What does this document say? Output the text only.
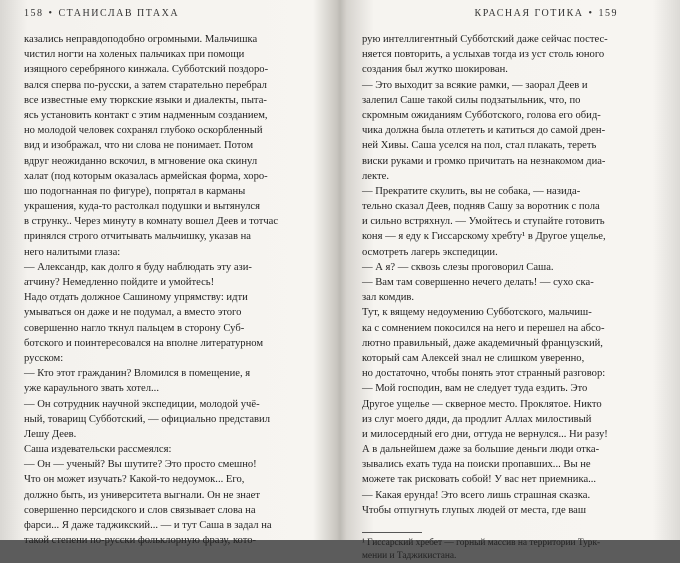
158 • СТАНИСЛАВ ПТАХА
казались неправдоподобно огромными. Мальчишка
чистил ногти на холеных пальчиках при помощи
изящного серебряного кинжала. Субботский поздоро-
вался сперва по-русски, а затем старательно перебрал
все известные ему тюркские языки и диалекты, пыта-
ясь установить контакт с этим надменным созданием,
но молодой человек сохранял глубоко оскорбленный
вид и изображал, что ни слова не понимает. Потом
вдруг неожиданно вскочил, в мгновение ока скинул
халат (под которым оказалась армейская форма, хоро-
шо подогнанная по фигуре), попрятал в карманы
украшения, куда-то растолкал подушки и вытянулся
в струнку.. Через минуту в комнату вошел Деев и тотчас
принялся строго отчитывать мальчишку, указав на
него налитыми глаза:
— Александр, как долго я буду наблюдать эту ази-
атчину? Немедленно пойдите и умойтесь!
Надо отдать должное Сашиному упрямству: идти
умываться он даже и не подумал, а вместо этого
совершенно нагло ткнул пальцем в сторону Суб-
ботского и поинтересовался на вполне литературном
русском:
— Кто этот гражданин? Вломился в помещение, я
уже караульного звать хотел...
— Он сотрудник научной экспедиции, молодой учё-
ный, товарищ Субботский, — официально представил
Лешу Деев.
Саша издевательски рассмеялся:
— Он — ученый? Вы шутите? Это просто смешно!
Что он может изучать? Какой-то недоумок... Его,
должно быть, из университета выгнали. Он не знает
совершенно персидского и слов связывает слова на
фарси... Я даже таджикский... — и тут Саша в задал на
такой степени по-русски фольклорную фразу, кото-
КРАСНАЯ ГОТИКА • 159
рую интеллигентный Субботский даже сейчас постес-
няется повторить, а услыхав тогда из уст столь юного
создания был жутко шокирован.
— Это выходит за всякие рамки, — заорал Деев и
залепил Саше такой силы подзатыльник, что, по
скромным ожиданиям Субботского, голова его обид-
чика должна была отлететь и катиться до самой дрен-
ней Хивы. Саша уселся на пол, стал плакать, тереть
виски руками и громко причитать на незнакомом диа-
лекте.
— Прекратите скулить, вы не собака, — назида-
тельно сказал Деев, подняв Сашу за воротник с пола
и сильно встряхнул. — Умойтесь и ступайте готовить
коня — я еду к Гиссарскому хребту¹ в Другое ущелье,
осмотреть лагерь экспедиции.
— А я? — сквозь слезы проговорил Саша.
— Вам там совершенно нечего делать! — сухо ска-
зал комдив.
Тут, к вящему недоумению Субботского, мальчиш-
ка с сомнением покосился на него и перешел на абсо-
лютно правильный, даже академичный французский,
который сам Алексей знал не слишком уверенно,
но достаточно, чтобы понять этот странный разговор:
— Мой господин, вам не следует туда ездить. Это
Другое ущелье — скверное место. Проклятое. Никто
из слуг моего дяди, да продлит Аллах милостивый
и милосердный его дни, оттуда не вернулся... Ни разу!
А в дальнейшем даже за большие деньги люди отка-
зывались ехать туда на поиски пропавших... Вы не
можете так рисковать собой! У вас нет приемника...
— Какая ерунда! Это всего лишь страшная сказка.
Чтобы отпугнуть глупых людей от места, где ваш
¹ Гиссарский хребет — горный массив на территории Турк-
мении и Таджикистана.
